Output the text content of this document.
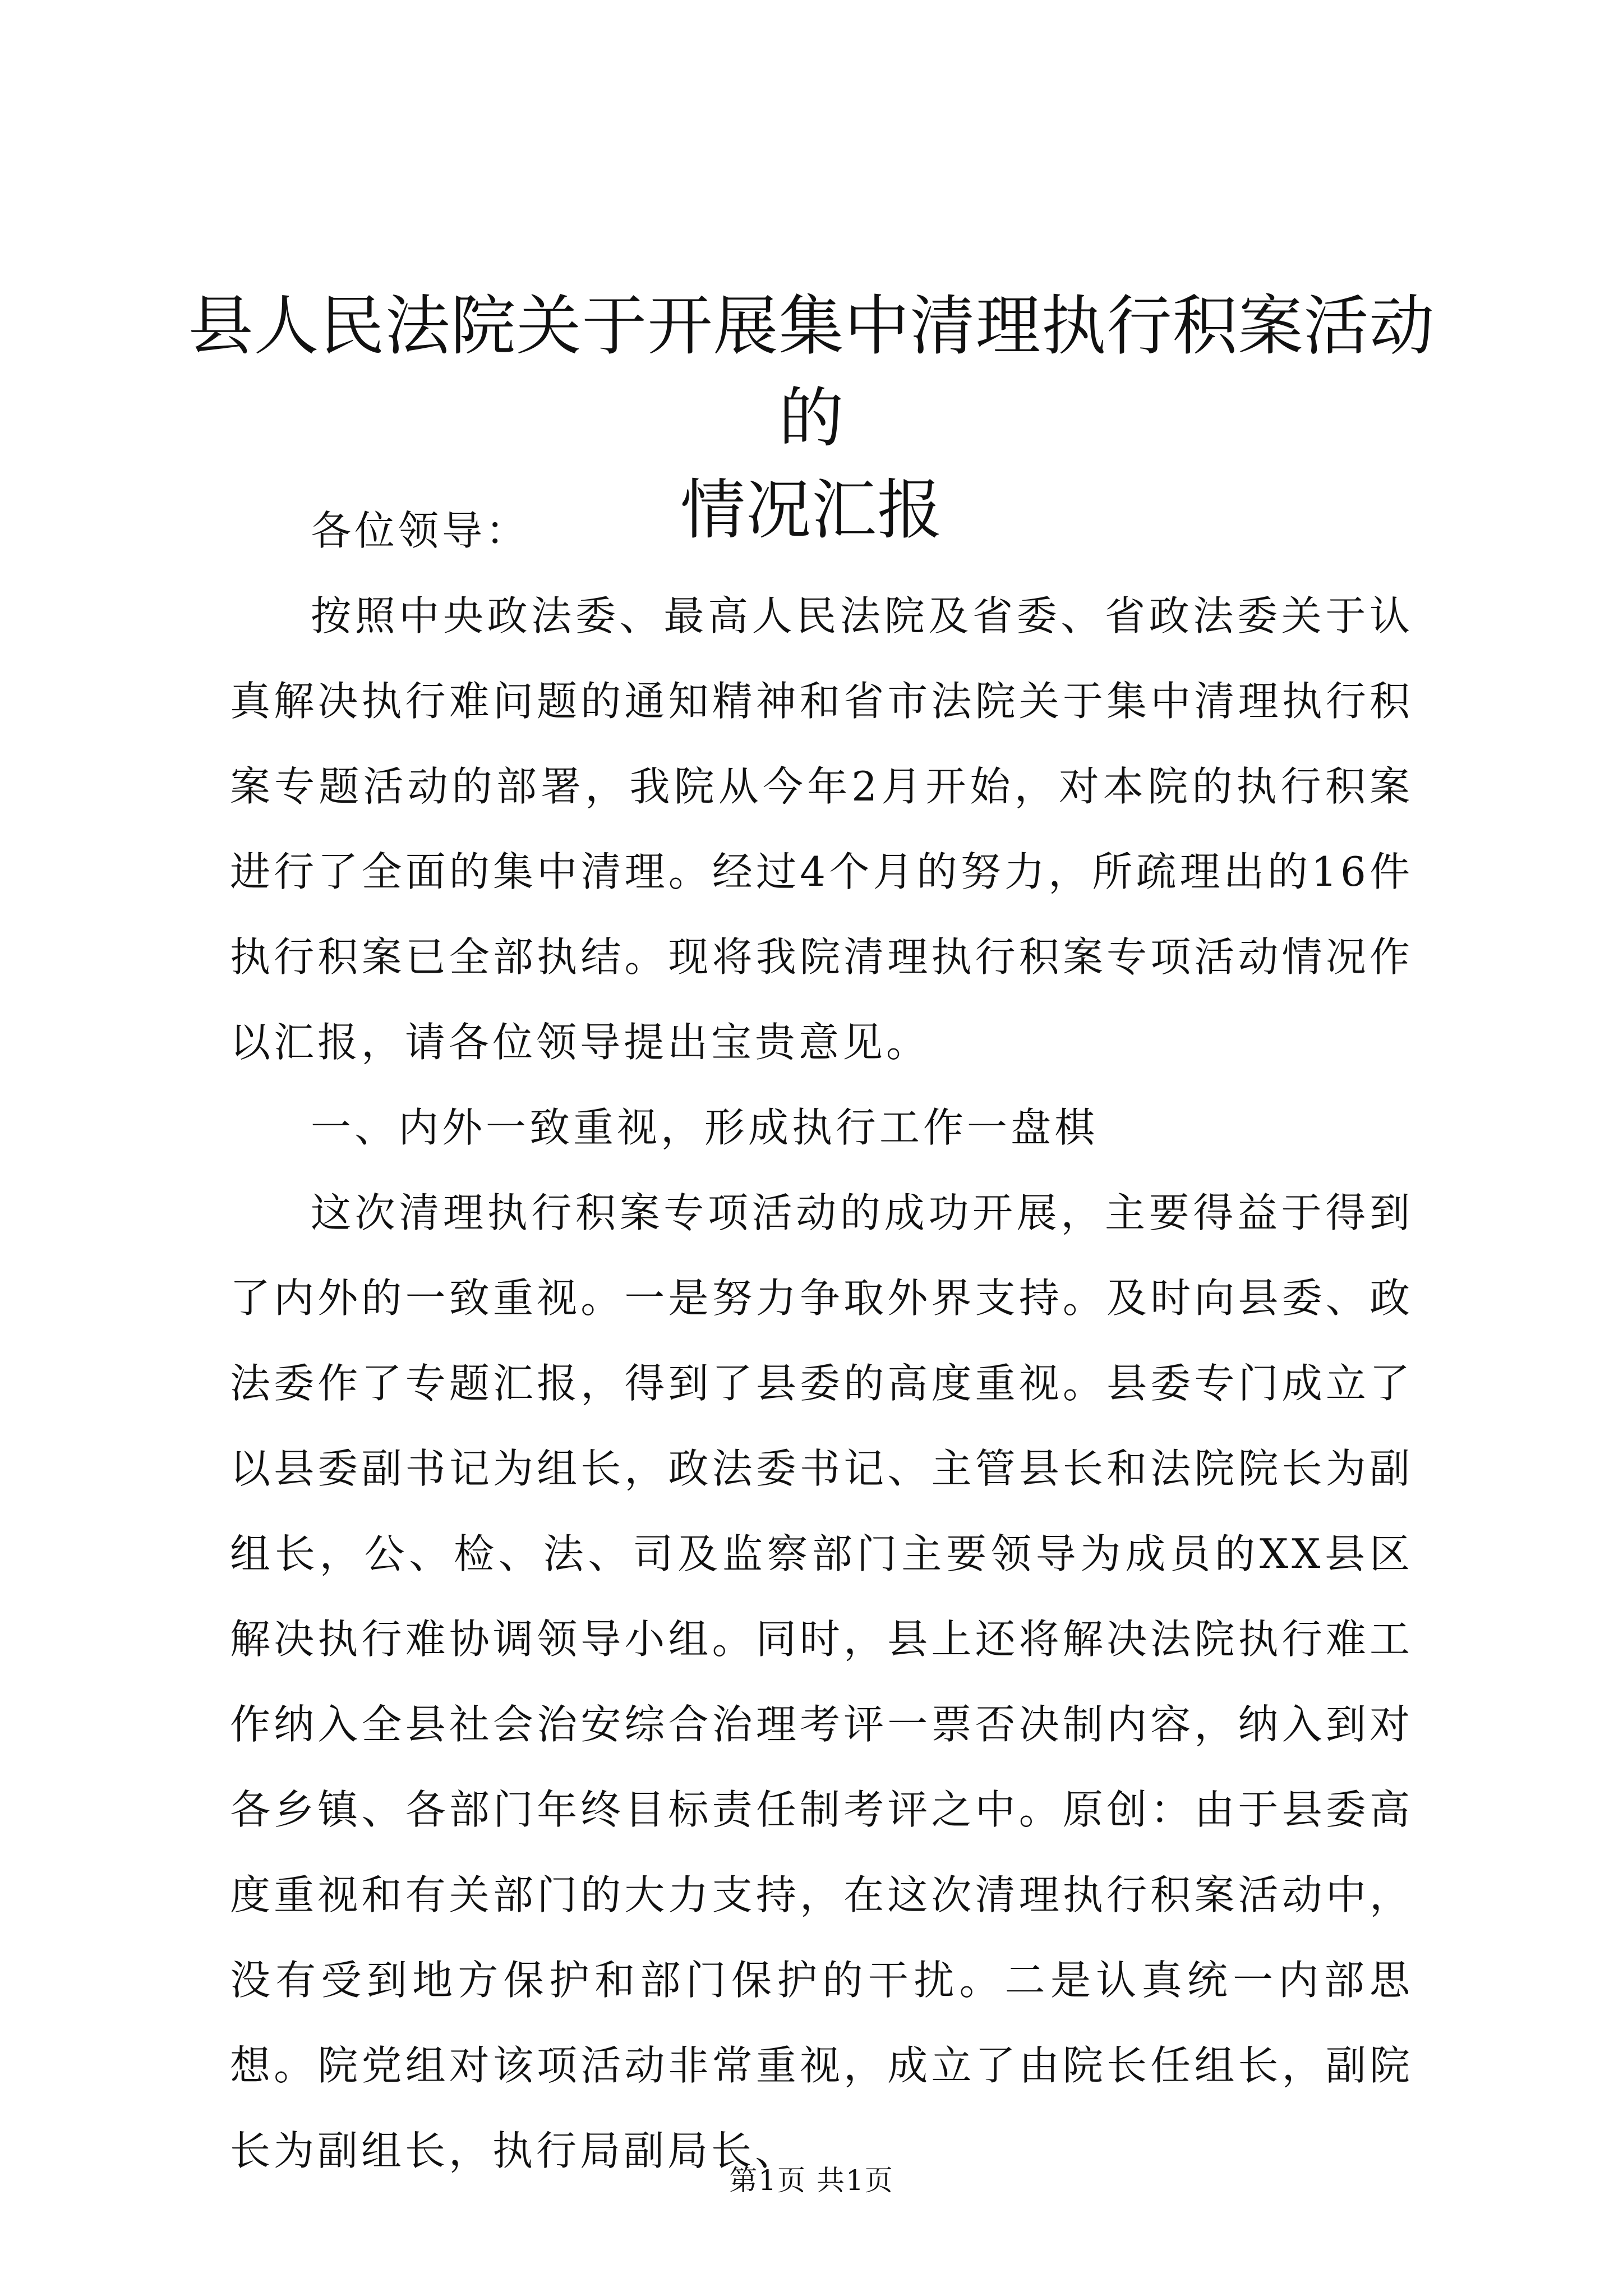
县人民法院关于开展集中清理执行积案活动的
情况汇报

各位领导：

按照中央政法委、最高人民法院及省委、省政法委关于认真解决执行难问题的通知精神和省市法院关于集中清理执行积案专题活动的部署，我院从今年2月开始，对本院的执行积案进行了全面的集中清理。经过4个月的努力，所疏理出的16件执行积案已全部执结。现将我院清理执行积案专项活动情况作以汇报，请各位领导提出宝贵意见。

一、内外一致重视，形成执行工作一盘棋

这次清理执行积案专项活动的成功开展，主要得益于得到了内外的一致重视。一是努力争取外界支持。及时向县委、政法委作了专题汇报，得到了县委的高度重视。县委专门成立了以县委副书记为组长，政法委书记、主管县长和法院院长为副组长，公、检、法、司及监察部门主要领导为成员的XX县区解决执行难协调领导小组。同时，县上还将解决法院执行难工作纳入全县社会治安综合治理考评一票否决制内容，纳入到对各乡镇、各部门年终目标责任制考评之中。原创：由于县委高度重视和有关部门的大力支持，在这次清理执行积案活动中，没有受到地方保护和部门保护的干扰。二是认真统一内部思想。院党组对该项活动非常重视，成立了由院长任组长，副院长为副组长，执行局副局长、

第1页 共1页
